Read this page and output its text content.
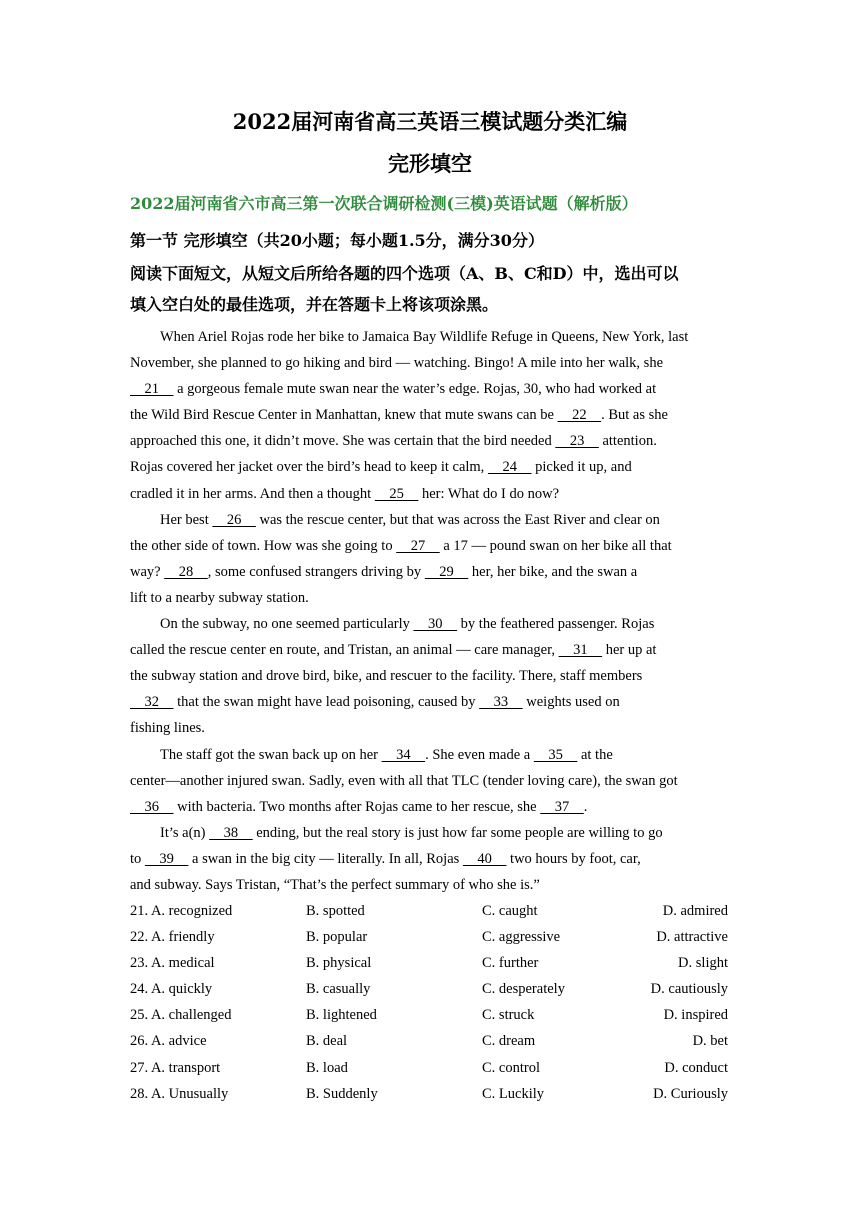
2022届河南省高三英语三模试题分类汇编
完形填空
2022届河南省六市高三第一次联合调研检测(三模)英语试题（解析版）
第一节 完形填空（共20小题；每小题1.5分，满分30分）
阅读下面短文，从短文后所给各题的四个选项（A、B、C和D）中，选出可以
填入空白处的最佳选项，并在答题卡上将该项涂黑。
When Ariel Rojas rode her bike to Jamaica Bay Wildlife Refuge in Queens, New York, last
November, she planned to go hiking and bird — watching. Bingo! A mile into her walk, she
21     a gorgeous female mute swan near the water’s edge. Rojas, 30, who had worked at
the Wild Bird Rescue Center in Manhattan, knew that mute swans can be     22    . But as she
approached this one, it didn’t move. She was certain that the bird needed     23     attention.
Rojas covered her jacket over the bird’s head to keep it calm,     24     picked it up, and
cradled it in her arms. And then a thought     25     her: What do I do now?
Her best     26     was the rescue center, but that was across the East River and clear on
the other side of town. How was she going to     27     a 17 — pound swan on her bike all that
way?     28    , some confused strangers driving by     29     her, her bike, and the swan a
lift to a nearby subway station.
On the subway, no one seemed particularly     30     by the feathered passenger. Rojas
called the rescue center en route, and Tristan, an animal — care manager,     31     her up at
the subway station and drove bird, bike, and rescuer to the facility. There, staff members
32     that the swan might have lead poisoning, caused by     33     weights used on
fishing lines.
The staff got the swan back up on her     34    . She even made a     35     at the
center—another injured swan. Sadly, even with all that TLC (tender loving care), the swan got
36     with bacteria. Two months after Rojas came to her rescue, she     37    .
It’s a(n)     38     ending, but the real story is just how far some people are willing to go
to     39     a swan in the big city — literally. In all, Rojas     40     two hours by foot, car,
and subway. Says Tristan, “That’s the perfect summary of who she is.”
21. A. recognized	B. spotted	C. caught	D. admired
22. A. friendly	B. popular	C. aggressive	D. attractive
23. A. medical	B. physical	C. further	D. slight
24. A. quickly	B. casually	C. desperately	D. cautiously
25. A. challenged	B. lightened	C. struck	D. inspired
26. A. advice	B. deal	C. dream	D. bet
27. A. transport	B. load	C. control	D. conduct
28. A. Unusually	B. Suddenly	C. Luckily	D. Curiously
